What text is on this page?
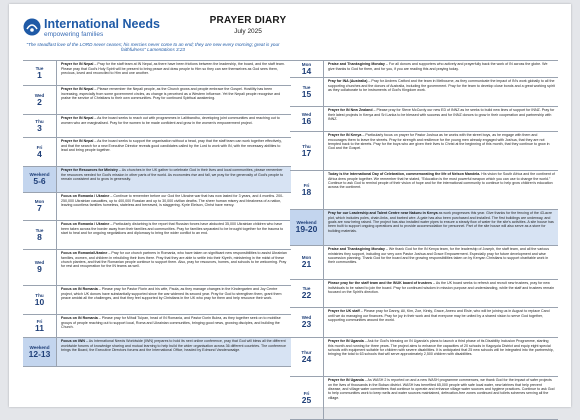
International Needs
empowering families
PRAYER DIARY
July 2025
"The steadfast love of the LORD never ceases; his mercies never come to an end; they are new every morning; great is your faithfulness" Lamentations 3:23
Tue
1
Prayer for IN Nepal – Pray for the staff team at IN Nepal, as there have been frictions between the leadership, the board, and the staff team. Please pray that God's Holy Spirit will be present to bring peace and draw people to Him so they can see themselves as God sees them, precious, loved and reconciled to Him and one another.
Wed
2
Prayer for IN Nepal – Please remember the Nepali people, as the Church grows and people embrace the Gospel. Hostility has been increasing, especially from some government circles, as change is perceived as a Western influence. Yet the Nepali people recognise and praise the service of Christians to their own communities. Pray for continued Spiritual awakening.
Thu
3
Prayer for IN Nepal – As the board seeks to reach out with programmes in Lalitbandhu, developing joint communities and reaching out to women who are marginalised. Pray for the women to be made confident and grow in the women's empowerment project.
Fri
4
Prayer for IN Nepal – As the board seeks to support the organisation without a head, pray that the staff team can work together effectively, and that the search for a new Executive Director reveals good candidates called by the Lord to work with IN, with the necessary abilities to lead and bring people together.
Weekend
5-6
Prayer for Resources for Ministry – As churches in the UK gather to celebrate God in their lives and local communities, please remember the resources needed for God's mission in other parts of the world. As economies rise and fall, we pray for the generosity of God's people to remain consistent and to grow in generosity.
Mon
7
Focus on Romania / Ukraine – Continue to remember before our God the Ukraine war that has now lasted for 3 years, and 4 months. 200-250,000 Ukrainian casualties, up to 400,000 Russian and up to 30,000 civilian deaths. The sheer human misery and bleakness of a nation, leaving countless families homeless, stateless and bereaved, is staggering. Kyrie Eleison, Christ have mercy.
Tue
8
Focus on Romania / Ukraine – Particularly disturbing is the report that Russian forces have abducted 35,000 Ukrainian children who have been taken across the border away from their families and communities. Pray for families separated to be brought together for the trauma to start to heal and for ongoing negotiations and diplomacy to bring the wider conflict to an end.
Wed
9
Focus on Romania/Ukraine – Pray for our church partners in Romania, who have taken on significant new responsibilities to assist Ukrainian families, women, and children in rebuilding their lives there. Pray that they are able to settle into their Kiyeth, ministering in the midst of these church planters, and that the Romanian people continue to support them. Also, pray for resources, homes, and schools to be welcoming. Pray for rest and recuperation for the IN teams as well.
Thu
10
Focus on IN Romania – Please pray for Pastor Florin and his wife, Paula, as they manage changes in the Kindergarten and Joy Centre project, which UK donors have substantially supported since the war widened its second year. Pray for God to strengthen them, grant them peace amidst all the challenges, and that they feel supported by Christians in the UK who pray for them and help resource their work.
Fri
11
Focus on IN Romania – Please pray for Mihail Tulpan, head of IN Romania, and Pastor Dorin Bulea, as they together seek on to mobilise groups of people reaching out to support local, Roma and Ukrainian communities, bringing good news, growing disciples, and building the Church.
Weekend
12-13
Focus on IWN – As International Needs Worldwide (IWN) prepares to hold its next online conference, pray that God will bless all the different worldwide forums of knowledge sharing and mutual learning to help build the wider organisation across 36 different countries. The conference brings the Board, the Executive Directors forums and the International Office, headed by Edmond Vanderwaalge.
Mon
14
Praise and Thanksgiving Monday – For all donors and supporters who actively and prayerfully back the work of IN across the globe. We give thanks to God for them, and for you, if you are reading this and praying today.
Tue
15
Pray for INA (Australia) – Pray for Andrew Catford and the team in Melbourne, as they communicate the impact of IN's work globally to all the supporting churches and the donors of Australia, including the government. Pray for the team to develop close bonds and a great working spirit as they collaborate to be instruments of God's Kingdom work.
Wed
16
Prayer for IN New Zealand – Please pray for Steve McCurdy our new ED of INNZ as he seeks to build new lines of support for INNZ. Pray for their latest projects in Kenya and Sri Lanka to be blessed with success and for INNZ donors to grow in their cooperation and partnership with INNZ.
Thu
17
Prayer for IN Kenya – Particularly focus on prayer for Pastor Joshua as he works with the street boys, as he engage with them and encourages them to leave the streets. Pray for strength and resilience for the young men already engaged with Joshua, that they are not tempted back to the streets. Pray for the boys who are given their lives to Christ at the beginning of this month, that they continue to grow in God and the Gospel.
Fri
18
Today is the International Day of Celebration, commemorating the life of Nelson Mandela. His vision for South Africa and the continent of Africa drew people together. We remember that he stated, "Education is the most powerful weapon which you can use to change the world." Continue to ask God to remind people of their vision of hope and for the international community to continue to help grow children's education across the continent.
Weekend
19-20
Pray for our Leadership and Talent Centre near Nakuru in Kenya as work progresses this year. Give thanks for the fencing of the 43-acre plot, which includes poles, chain-links, and barbed wire. A gate has also been purchased and installed. The first buildings are underway, and goals are now being raised. The project has also installed water pipes to ensure a steady flow of water for the site's activities. A site house has been built to support ongoing operations and to provide accommodation for personnel. Part of the site house will also serve as a store for building materials.
Mon
21
Praise and Thanksgiving Monday – We thank God for the IN Kenya team, for the leadership of Joseph, the staff team, and all the various ministries they support, including our very own Pastor Joshua and Grace Empowerment. Especially pray for future development and wise succession planning. Thank God for the board and the growing responsibilities taken on by Kenyan Christians to support charitable work in their communities.
Tue
22
Please pray for the staff team and the INUK board of trustees – As the UK board seeks to refresh and recruit new trustees, pray for new individuals to be raised to join the board. Pray for continued wisdom in mission purpose and understanding, while the staff and trustees remain focused on the Spirit's direction.
Wed
23
Prayer for UK staff – Please pray for Danny, Ali, Kim, Zoe, Kirsty, Grace, Aneeu and Elsie, who will be joining us in August to replace Carol until we do managing our finances. Pray for joy in their work and that everyone may be united by a shared vision to serve God together, supporting communities around the world.
Thur
24
Prayer for IN Uganda – Ask for God's blessing on IN Uganda's plans to launch a third phase of its Disability Inclusion Programme, starting this month and running for three years. The project aims to enhance the capacities of 20 schools in Kagoyola District and equip eight special schools with equipment suitable for children with severe disabilities. It is anticipated that 25 new schools will be integrated into the partnership, bringing the total to 63 schools that will serve approximately 2,500 children with disabilities.
Fri
25
Prayer for IN Uganda – As WASH 2 is reported on and a new WASH programme commences, we thank God for the impact of safer projects on the lives of thousands in the Bukwo district. WASH has benefited 65,000 people with safe local water, new latrines that help prevent disease, and village water committees that continue to operate and enhance village water sources and hygiene practices. Continue to ask God to help communities work to keep wells and water sources maintained, defecation-free zones continued and toilets schemes serving all the village.
